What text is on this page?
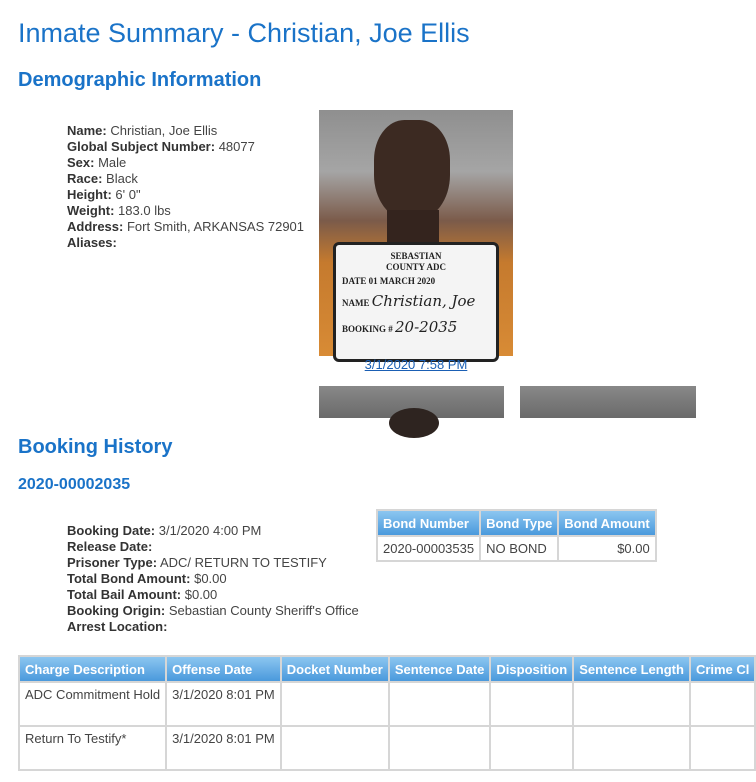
Inmate Summary - Christian, Joe Ellis
Demographic Information
Name: Christian, Joe Ellis
Global Subject Number: 48077
Sex: Male
Race: Black
Height: 6' 0"
Weight: 183.0 lbs
Address: Fort Smith, ARKANSAS 72901
Aliases:
SEBASTIAN
COUNTY ADC
DATE 01 MARCH 2020
NAME Christian, Joe
BOOKING # 20-2035
3/1/2020 7:58 PM
Booking History
2020-00002035
Booking Date: 3/1/2020 4:00 PM
Release Date:
Prisoner Type: ADC/ RETURN TO TESTIFY
Total Bond Amount: $0.00
Total Bail Amount: $0.00
Booking Origin: Sebastian County Sheriff's Office
Arrest Location:
Bond Number	Bond Type	Bond Amount
2020-00003535	NO BOND	$0.00
Charge Description	Offense Date	Docket Number	Sentence Date	Disposition	Sentence Length	Crime Cl
ADC Commitment Hold	3/1/2020 8:01 PM					
Return To Testify*	3/1/2020 8:01 PM					
